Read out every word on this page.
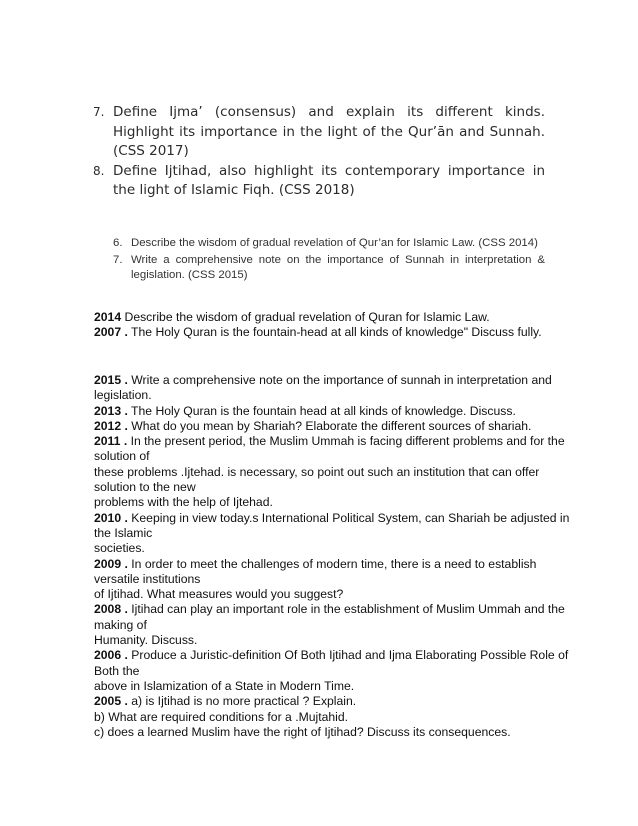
7. Define Ijma’ (consensus) and explain its different kinds. Highlight its importance in the light of the Qur’ān and Sunnah. (CSS 2017)
8. Define Ijtihad, also highlight its contemporary importance in the light of Islamic Fiqh. (CSS 2018)
6. Describe the wisdom of gradual revelation of Qur’an for Islamic Law. (CSS 2014)
7. Write a comprehensive note on the importance of Sunnah in interpretation & legislation. (CSS 2015)
2014 Describe the wisdom of gradual revelation of Quran for Islamic Law.
2007 . The Holy Quran is the fountain-head at all kinds of knowledge" Discuss fully.
2015 . Write a comprehensive note on the importance of sunnah in interpretation and
legislation.
2013 . The Holy Quran is the fountain head at all kinds of knowledge. Discuss.
2012 . What do you mean by Shariah? Elaborate the different sources of shariah.
2011 . In the present period, the Muslim Ummah is facing different problems and for the
solution of
these problems .Ijtehad. is necessary, so point out such an institution that can offer
solution to the new
problems with the help of Ijtehad.
2010 . Keeping in view today.s International Political System, can Shariah be adjusted in
the Islamic
societies.
2009 . In order to meet the challenges of modern time, there is a need to establish
versatile institutions
of Ijtihad. What measures would you suggest?
2008 . Ijtihad can play an important role in the establishment of Muslim Ummah and the
making of
Humanity. Discuss.
2006 . Produce a Juristic-definition Of Both Ijtihad and Ijma Elaborating Possible Role of
Both the
above in Islamization of a State in Modern Time.
2005 . a) is Ijtihad is no more practical ? Explain.
b) What are required conditions for a .Mujtahid.
c) does a learned Muslim have the right of Ijtihad? Discuss its consequences.
